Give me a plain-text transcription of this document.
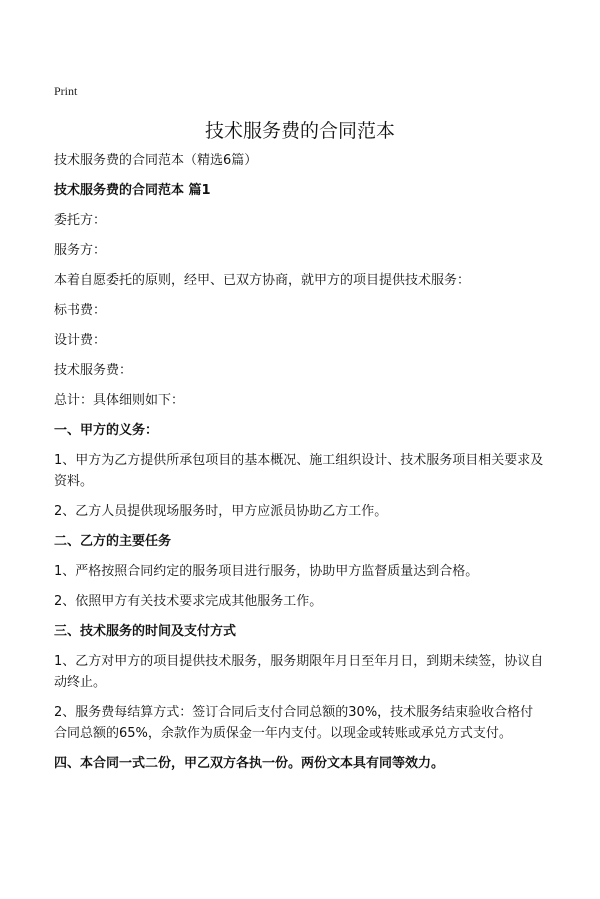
Print
技术服务费的合同范本

技术服务费的合同范本（精选6篇）

技术服务费的合同范本 篇1

委托方：

服务方：

本着自愿委托的原则，经甲、已双方协商，就甲方的项目提供技术服务：

标书费：

设计费：

技术服务费：

总计：具体细则如下：

一、甲方的义务：

1、甲方为乙方提供所承包项目的基本概况、施工组织设计、技术服务项目相关要求及资料。

2、乙方人员提供现场服务时，甲方应派员协助乙方工作。

二、乙方的主要任务

1、严格按照合同约定的服务项目进行服务，协助甲方监督质量达到合格。

2、依照甲方有关技术要求完成其他服务工作。

三、技术服务的时间及支付方式

1、乙方对甲方的项目提供技术服务，服务期限年月日至年月日，到期未续签，协议自动终止。

2、服务费每结算方式：签订合同后支付合同总额的30%，技术服务结束验收合格付合同总额的65%，余款作为质保金一年内支付。以现金或转账或承兑方式支付。

四、本合同一式二份，甲乙双方各执一份。两份文本具有同等效力。
